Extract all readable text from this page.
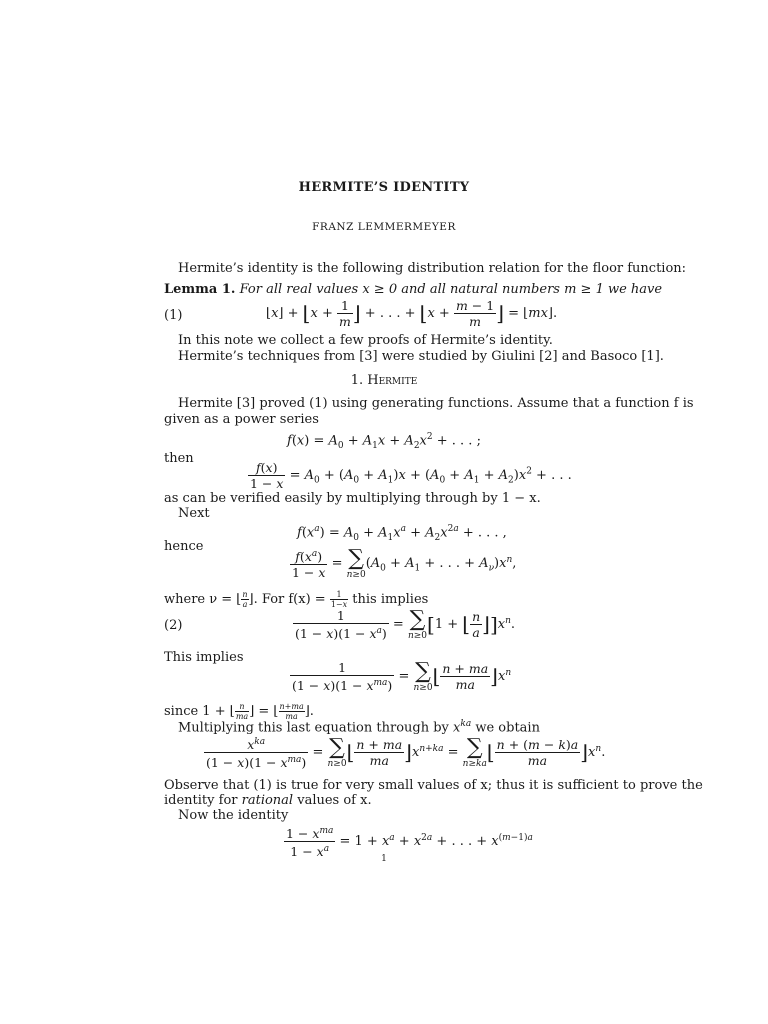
HERMITE’S IDENTITY
FRANZ LEMMERMEYER
Hermite’s identity is the following distribution relation for the floor function:
Lemma 1. For all real values x ≥ 0 and all natural numbers m ≥ 1 we have
(1)	⌊x⌋ + ⌊x + $\frac{1}{m}$ ⌋ + . . . + ⌊x + $\frac{m - 1}{m}$ ⌋ = ⌊mx⌋.
In this note we collect a few proofs of Hermite’s identity.
Hermite’s techniques from [3] were studied by Giulini [2] and Basoco [1].
1. Hermite
Hermite [3] proved (1) using generating functions. Assume that a function f is
given as a power series
$f(x) = A_0 + A_1x + A_2x^2$ + . . . ;
then
$\frac{f(x)}{1 - x} = A_0 + (A_0 + A_1)x + (A_0 + A_1 + A_2)x^2$ + . . .
as can be verified easily by multiplying through by 1 − x.
Next
$f(x^a) = A_0 + A_1x^a + A_2x^{2a}$ + . . . ,
hence
$\frac{f(x^a)}{1 - x}$ = ∑
n≥0
($A_0 + A_1$ + . . . + $A_\nu)x^n$,
where ν = ⌊ $\frac{n}{a}$ ⌋. For $f(x) = \frac{1}{1-x}$ this implies
(2)	$\frac{1}{(1 - x)(1 - x^a)}$ = ∑
n≥0 [1 + ⌊ $\frac{n}{a}$ $⌋]x^n$.
This implies
$\frac{1}{(1 - x)(1 - x^{ma})}$ = ∑
n≥0 ⌊ $\frac{n + ma}{ma}$ $⌋x^n$
since 1 + ⌊ $\frac{n}{ma}$ ⌋ = ⌊ $\frac{n+ma}{ma}$ ⌋.
Multiplying this last equation through by $x^{ka}$ we obtain
$\frac{x^{ka}}{(1 - x)(1 - x^{ma})}$ = ∑
n≥0 ⌊ $\frac{n + ma}{ma}$ $⌋x^{n+ka}$ = ∑
n≥ka ⌊ $\frac{n + (m - k)a}{ma}$ $⌋x^n$.
Observe that (1) is true for very small values of x; thus it is sufficient to prove the
identity for rational values of x.
Now the identity
$\frac{1 - x^{ma}}{1 - x^a} = 1 + x^a + x^{2a}$ + . . . + $x^{(m-1)a}$
1
